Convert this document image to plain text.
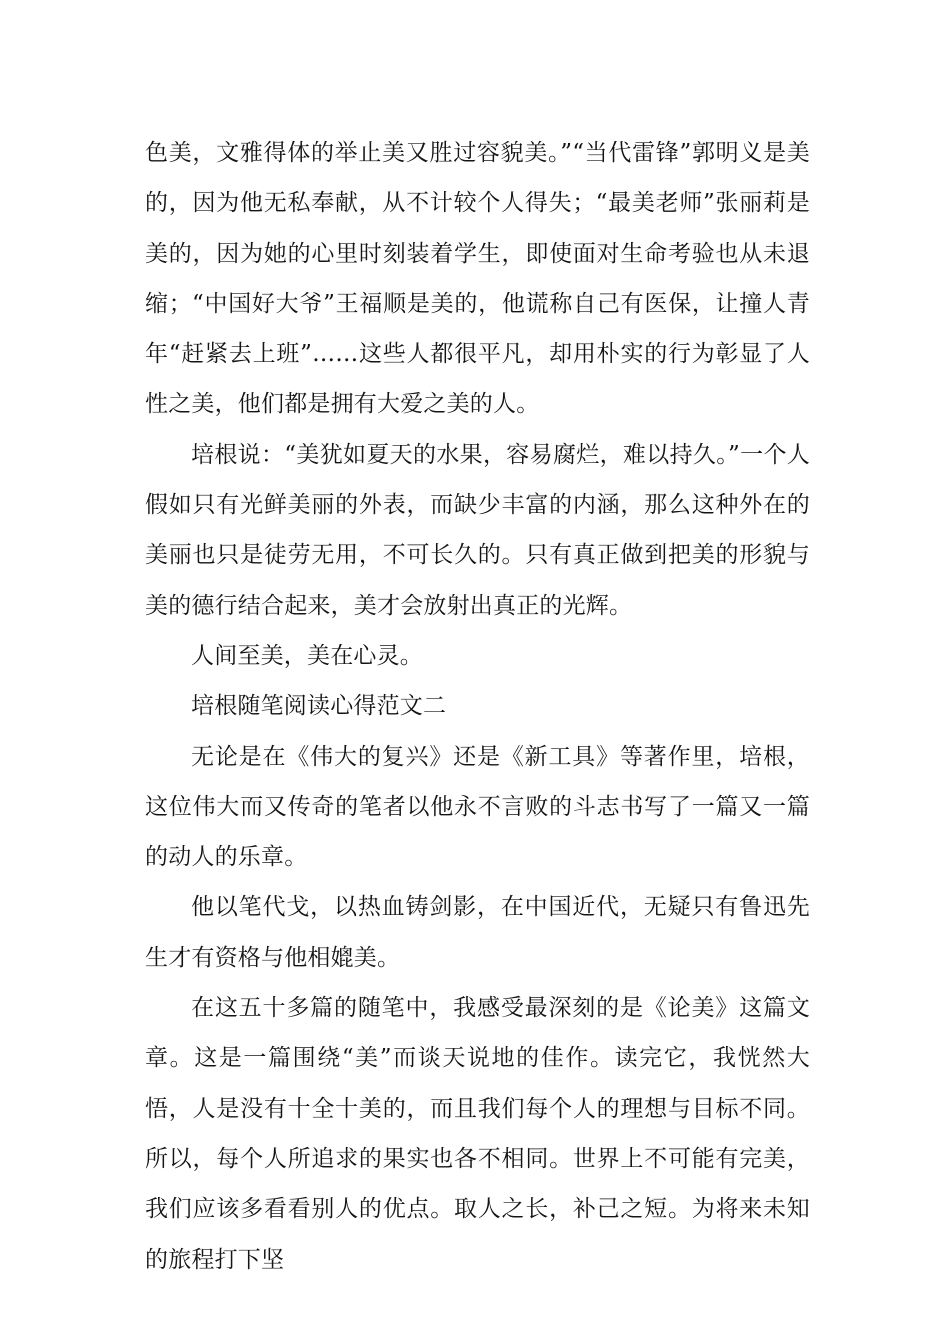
色美，文雅得体的举止美又胜过容貌美。”“当代雷锋”郭明义是美的，因为他无私奉献，从不计较个人得失；“最美老师”张丽莉是美的，因为她的心里时刻装着学生，即使面对生命考验也从未退缩；“中国好大爷”王福顺是美的，他谎称自己有医保，让撞人青年“赶紧去上班”……这些人都很平凡，却用朴实的行为彰显了人性之美，他们都是拥有大爱之美的人。

培根说：“美犹如夏天的水果，容易腐烂，难以持久。”一个人假如只有光鲜美丽的外表，而缺少丰富的内涵，那么这种外在的美丽也只是徒劳无用，不可长久的。只有真正做到把美的形貌与美的德行结合起来，美才会放射出真正的光辉。

人间至美，美在心灵。

培根随笔阅读心得范文二

无论是在《伟大的复兴》还是《新工具》等著作里，培根，这位伟大而又传奇的笔者以他永不言败的斗志书写了一篇又一篇的动人的乐章。

他以笔代戈，以热血铸剑影，在中国近代，无疑只有鲁迅先生才有资格与他相媲美。

在这五十多篇的随笔中，我感受最深刻的是《论美》这篇文章。这是一篇围绕“美”而谈天说地的佳作。读完它，我恍然大悟，人是没有十全十美的，而且我们每个人的理想与目标不同。所以，每个人所追求的果实也各不相同。世界上不可能有完美，我们应该多看看别人的优点。取人之长，补己之短。为将来未知的旅程打下坚
